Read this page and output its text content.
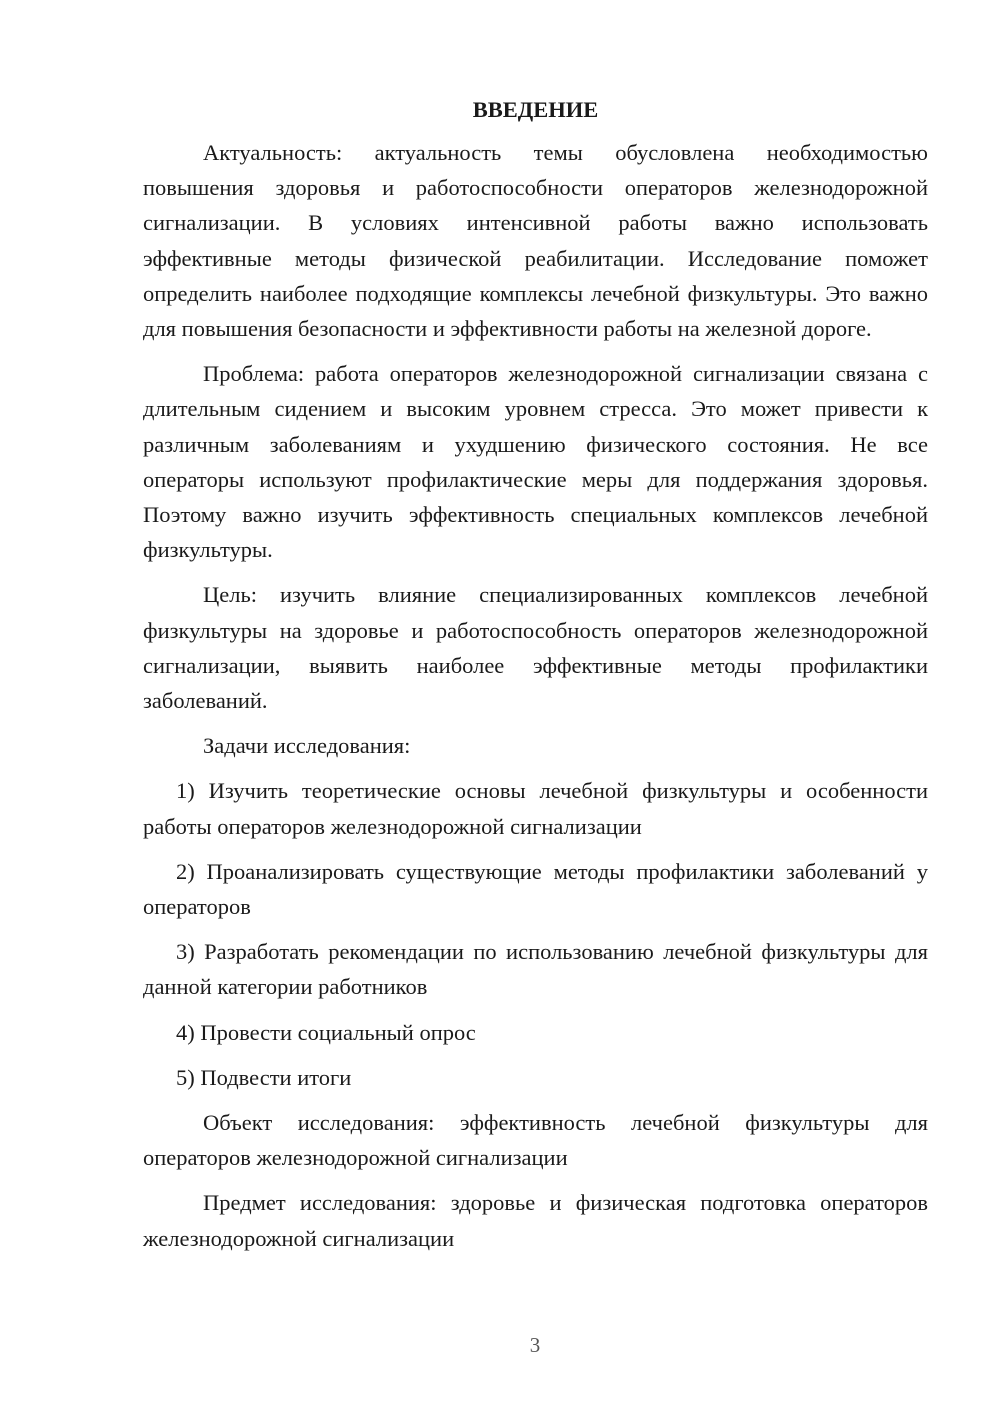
ВВЕДЕНИЕ

Актуальность: актуальность темы обусловлена необходимостью повышения здоровья и работоспособности операторов железнодорожной сигнализации. В условиях интенсивной работы важно использовать эффективные методы физической реабилитации. Исследование поможет определить наиболее подходящие комплексы лечебной физкультуры. Это важно для повышения безопасности и эффективности работы на железной дороге.

Проблема: работа операторов железнодорожной сигнализации связана с длительным сидением и высоким уровнем стресса. Это может привести к различным заболеваниям и ухудшению физического состояния. Не все операторы используют профилактические меры для поддержания здоровья. Поэтому важно изучить эффективность специальных комплексов лечебной физкультуры.

Цель: изучить влияние специализированных комплексов лечебной физкультуры на здоровье и работоспособность операторов железнодорожной сигнализации, выявить наиболее эффективные методы профилактики заболеваний.

Задачи исследования:

1) Изучить теоретические основы лечебной физкультуры и особенности работы операторов железнодорожной сигнализации

2) Проанализировать существующие методы профилактики заболеваний у операторов

3) Разработать рекомендации по использованию лечебной физкультуры для данной категории работников

4) Провести социальный опрос

5) Подвести итоги

Объект исследования: эффективность лечебной физкультуры для операторов железнодорожной сигнализации

Предмет исследования: здоровье и физическая подготовка операторов железнодорожной сигнализации

3
